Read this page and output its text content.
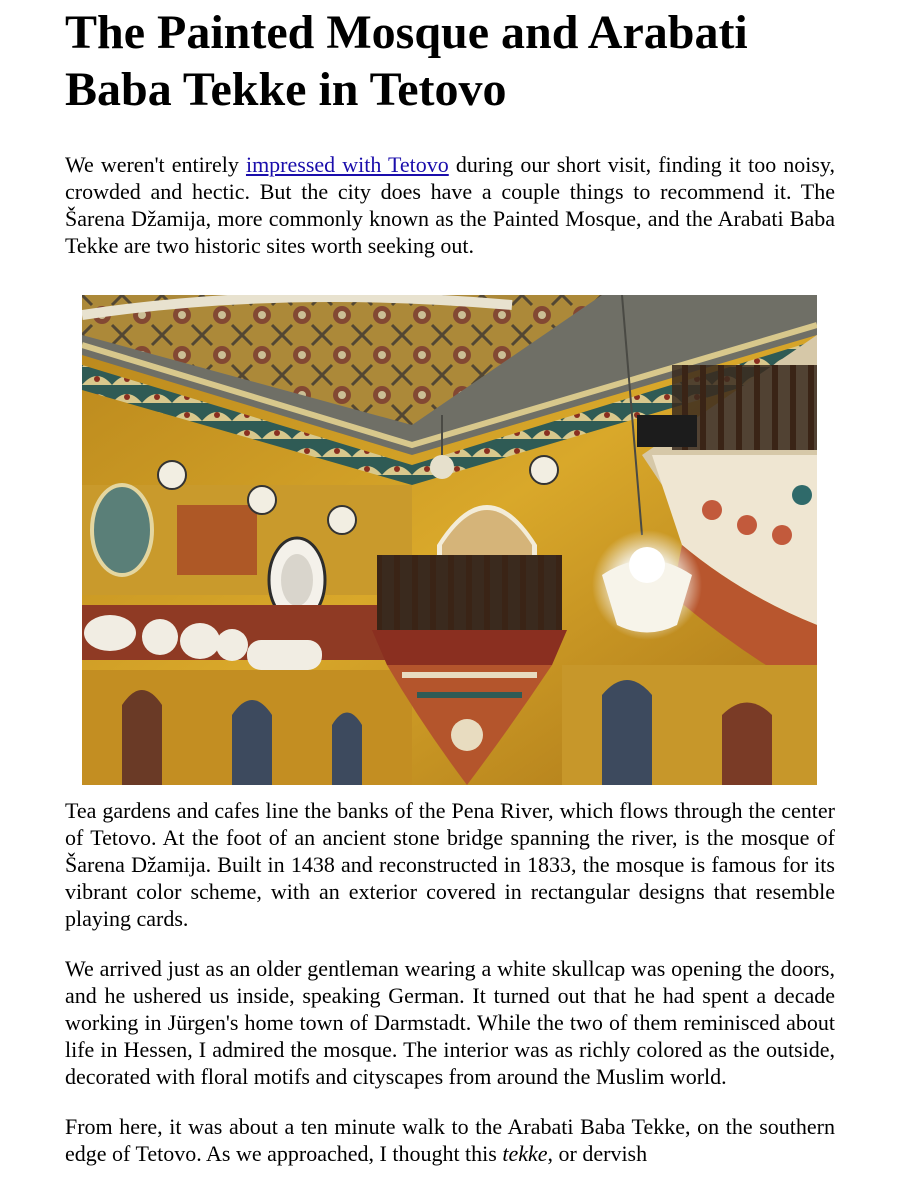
The Painted Mosque and Arabati Baba Tekke in Tetovo

We weren't entirely impressed with Tetovo during our short visit, finding it too noisy, crowded and hectic. But the city does have a couple things to recommend it. The Šarena Džamija, more commonly known as the Painted Mosque, and the Arabati Baba Tekke are two historic sites worth seeking out.

Tea gardens and cafes line the banks of the Pena River, which flows through the center of Tetovo. At the foot of an ancient stone bridge spanning the river, is the mosque of Šarena Džamija. Built in 1438 and reconstructed in 1833, the mosque is famous for its vibrant color scheme, with an exterior covered in rectangular designs that resemble playing cards.

We arrived just as an older gentleman wearing a white skullcap was opening the doors, and he ushered us inside, speaking German. It turned out that he had spent a decade working in Jürgen's home town of Darmstadt. While the two of them reminisced about life in Hessen, I admired the mosque. The interior was as richly colored as the outside, decorated with floral motifs and cityscapes from around the Muslim world.

From here, it was about a ten minute walk to the Arabati Baba Tekke, on the southern edge of Tetovo. As we approached, I thought this tekke, or dervish
